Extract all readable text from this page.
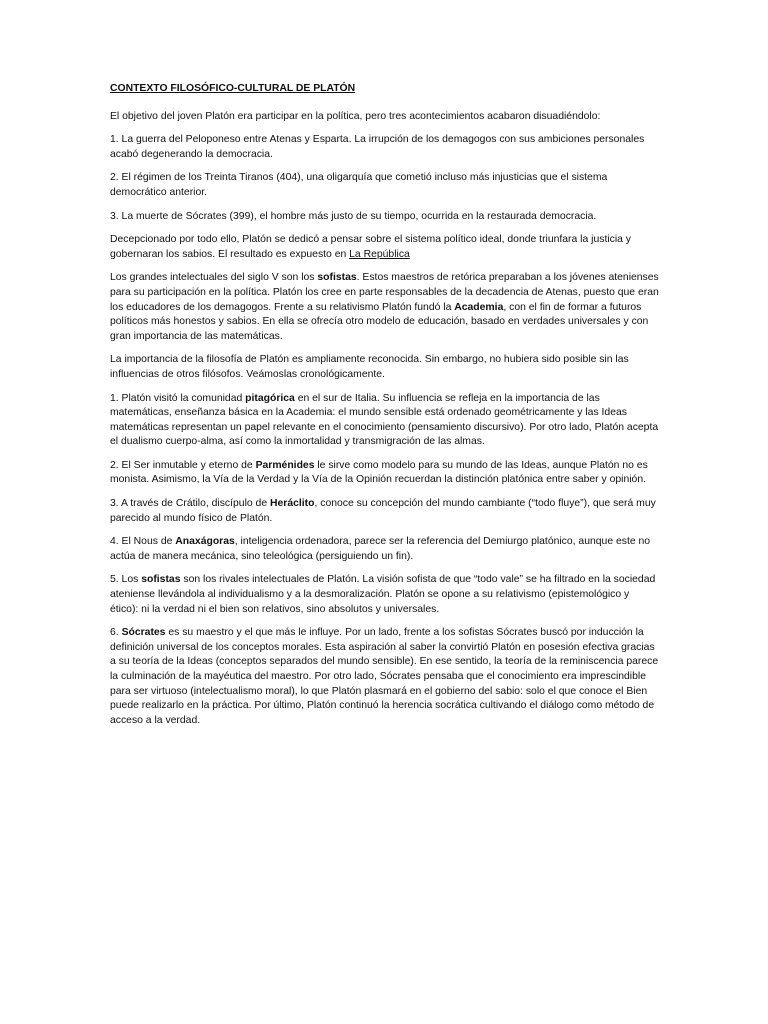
CONTEXTO FILOSÓFICO-CULTURAL DE PLATÓN

El objetivo del joven Platón era participar en la política, pero tres acontecimientos acabaron disuadiéndolo:

1. La guerra del Peloponeso entre Atenas y Esparta. La irrupción de los demagogos con sus ambiciones personales acabó degenerando la democracia.

2. El régimen de los Treinta Tiranos (404), una oligarquía que cometió incluso más injusticias que el sistema democrático anterior.

3. La muerte de Sócrates (399), el hombre más justo de su tiempo, ocurrida en la restaurada democracia.

Decepcionado por todo ello, Platón se dedicó a pensar sobre el sistema político ideal, donde triunfara la justicia y gobernaran los sabios. El resultado es expuesto en La República

Los grandes intelectuales del siglo V son los sofistas. Estos maestros de retórica preparaban a los jóvenes atenienses para su participación en la política. Platón los cree en parte responsables de la decadencia de Atenas, puesto que eran los educadores de los demagogos. Frente a su relativismo Platón fundó la Academia, con el fin de formar a futuros políticos más honestos y sabios. En ella se ofrecía otro modelo de educación, basado en verdades universales y con gran importancia de las matemáticas.

La importancia de la filosofía de Platón es ampliamente reconocida. Sin embargo, no hubiera sido posible sin las influencias de otros filósofos. Veámoslas cronológicamente.

1. Platón visitó la comunidad pitagórica en el sur de Italia. Su influencia se refleja en la importancia de las matemáticas, enseñanza básica en la Academia: el mundo sensible está ordenado geométricamente y las Ideas matemáticas representan un papel relevante en el conocimiento (pensamiento discursivo). Por otro lado, Platón acepta el dualismo cuerpo-alma, así como la inmortalidad y transmigración de las almas.

2. El Ser inmutable y eterno de Parménides le sirve como modelo para su mundo de las Ideas, aunque Platón no es monista. Asimismo, la Vía de la Verdad y la Vía de la Opinión recuerdan la distinción platónica entre saber y opinión.

3. A través de Crátilo, discípulo de Heráclito, conoce su concepción del mundo cambiante (“todo fluye”), que será muy parecido al mundo físico de Platón.

4. El Nous de Anaxágoras, inteligencia ordenadora, parece ser la referencia del Demiurgo platónico, aunque este no actúa de manera mecánica, sino teleológica (persiguiendo un fin).

5. Los sofistas son los rivales intelectuales de Platón. La visión sofista de que “todo vale” se ha filtrado en la sociedad ateniense llevándola al individualismo y a la desmoralización. Platón se opone a su relativismo (epistemológico y ético): ni la verdad ni el bien son relativos, sino absolutos y universales.

6. Sócrates es su maestro y el que más le influye. Por un lado, frente a los sofistas Sócrates buscó por inducción la definición universal de los conceptos morales. Esta aspiración al saber la convirtió Platón en posesión efectiva gracias a su teoría de la Ideas (conceptos separados del mundo sensible). En ese sentido, la teoría de la reminiscencia parece la culminación de la mayéutica del maestro. Por otro lado, Sócrates pensaba que el conocimiento era imprescindible para ser virtuoso (intelectualismo moral), lo que Platón plasmará en el gobierno del sabio: solo el que conoce el Bien puede realizarlo en la práctica. Por último, Platón continuó la herencia socrática cultivando el diálogo como método de acceso a la verdad.
